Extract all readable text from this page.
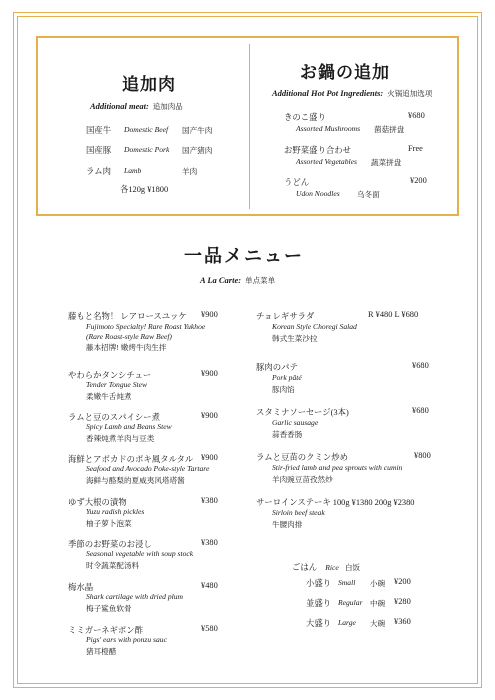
追加肉
Additional meat: 追加肉品
国産牛 Domestic Beef 国产牛肉
国産豚 Domestic Pork 国产猪肉
ラム肉 Lamb	羊肉
各120g ¥1800
お鍋の追加
Additional Hot Pot Ingredients: 火锅追加选项
きのこ盛り	¥680
Assorted Mushrooms 菌菇拼盘
お野菜盛り合わせ	Free
Assorted Vegetables 蔬菜拼盘
うどん	¥200
Udon Noodles 乌冬面
一品メニュー
A La Carte: 单点菜单
藤もと名物！ レアロースユッケ ¥900
Fujimoto Specialty! Rare Roast Yukhoe
(Rare Roast-style Raw Beef)
藤本招牌! 嫩烤牛肉生拌
やわらかタンシチュー	¥900
Tender Tongue Stew
柔嫩牛舌炖煮
ラムと豆のスパイシー煮	¥900
Spicy Lamb and Beans Stew
香辣炖煮羊肉与豆类
海鮮とアボカドのポキ風タルタル ¥900
Seafood and Avocado Poke-style Tartare
海鲜与酪梨的夏威夷风塔塔酱
ゆず大根の漬物	¥380
Yuzu radish pickles
柚子萝卜泡菜
季節のお野菜のお浸し	¥380
Seasonal vegetable with soup stock
时令蔬菜配汤料
梅水晶	¥480
Shark cartilage with dried plum
梅子鲨鱼软骨
ミミガーネギポン酢	¥580
Pigs' ears with ponzu sauc
猪耳橙醋
チョレギサラダ	R ¥480 L ¥680
Korean Style Choregi Salad
韩式生菜沙拉
豚肉のパテ	¥680
Pork pâté
豚肉馅
スタミナソーセージ(3本)	¥680
Garlic sausage
蒜香香肠
ラムと豆苗のクミン炒め	¥800
Stir-fried lamb and pea sprouts with cumin
羊肉豌豆苗孜然炒
サーロインステーキ 100g ¥1380 200g ¥2380
Sirloin beef steak
牛腰肉排
ごはん Rice 白饭
小盛り Small 小碗 ¥200
並盛り Regular 中碗 ¥280
大盛り Large 大碗 ¥360
